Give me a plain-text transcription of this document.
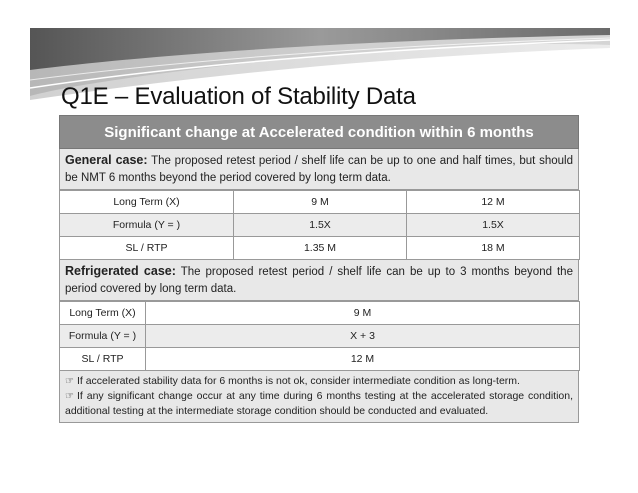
Q1E – Evaluation of Stability Data
Significant change at Accelerated condition within 6 months
General case: The proposed retest period / shelf life can be up to one and half times, but should be NMT 6 months beyond the period covered by long term data.
Long Term (X)	9 M	12 M
Formula (Y = )	1.5X	1.5X
SL / RTP	1.35 M	18 M
Refrigerated case: The proposed retest period / shelf life can be up to 3 months beyond the period covered by long term data.
Long Term (X)	9 M
Formula (Y = )	X + 3
SL / RTP	12 M
☞ If accelerated stability data for 6 months is not ok, consider intermediate condition as long-term.
☞ If any significant change occur at any time during 6 months testing at the accelerated storage condition, additional testing at the intermediate storage condition should be conducted and evaluated.
